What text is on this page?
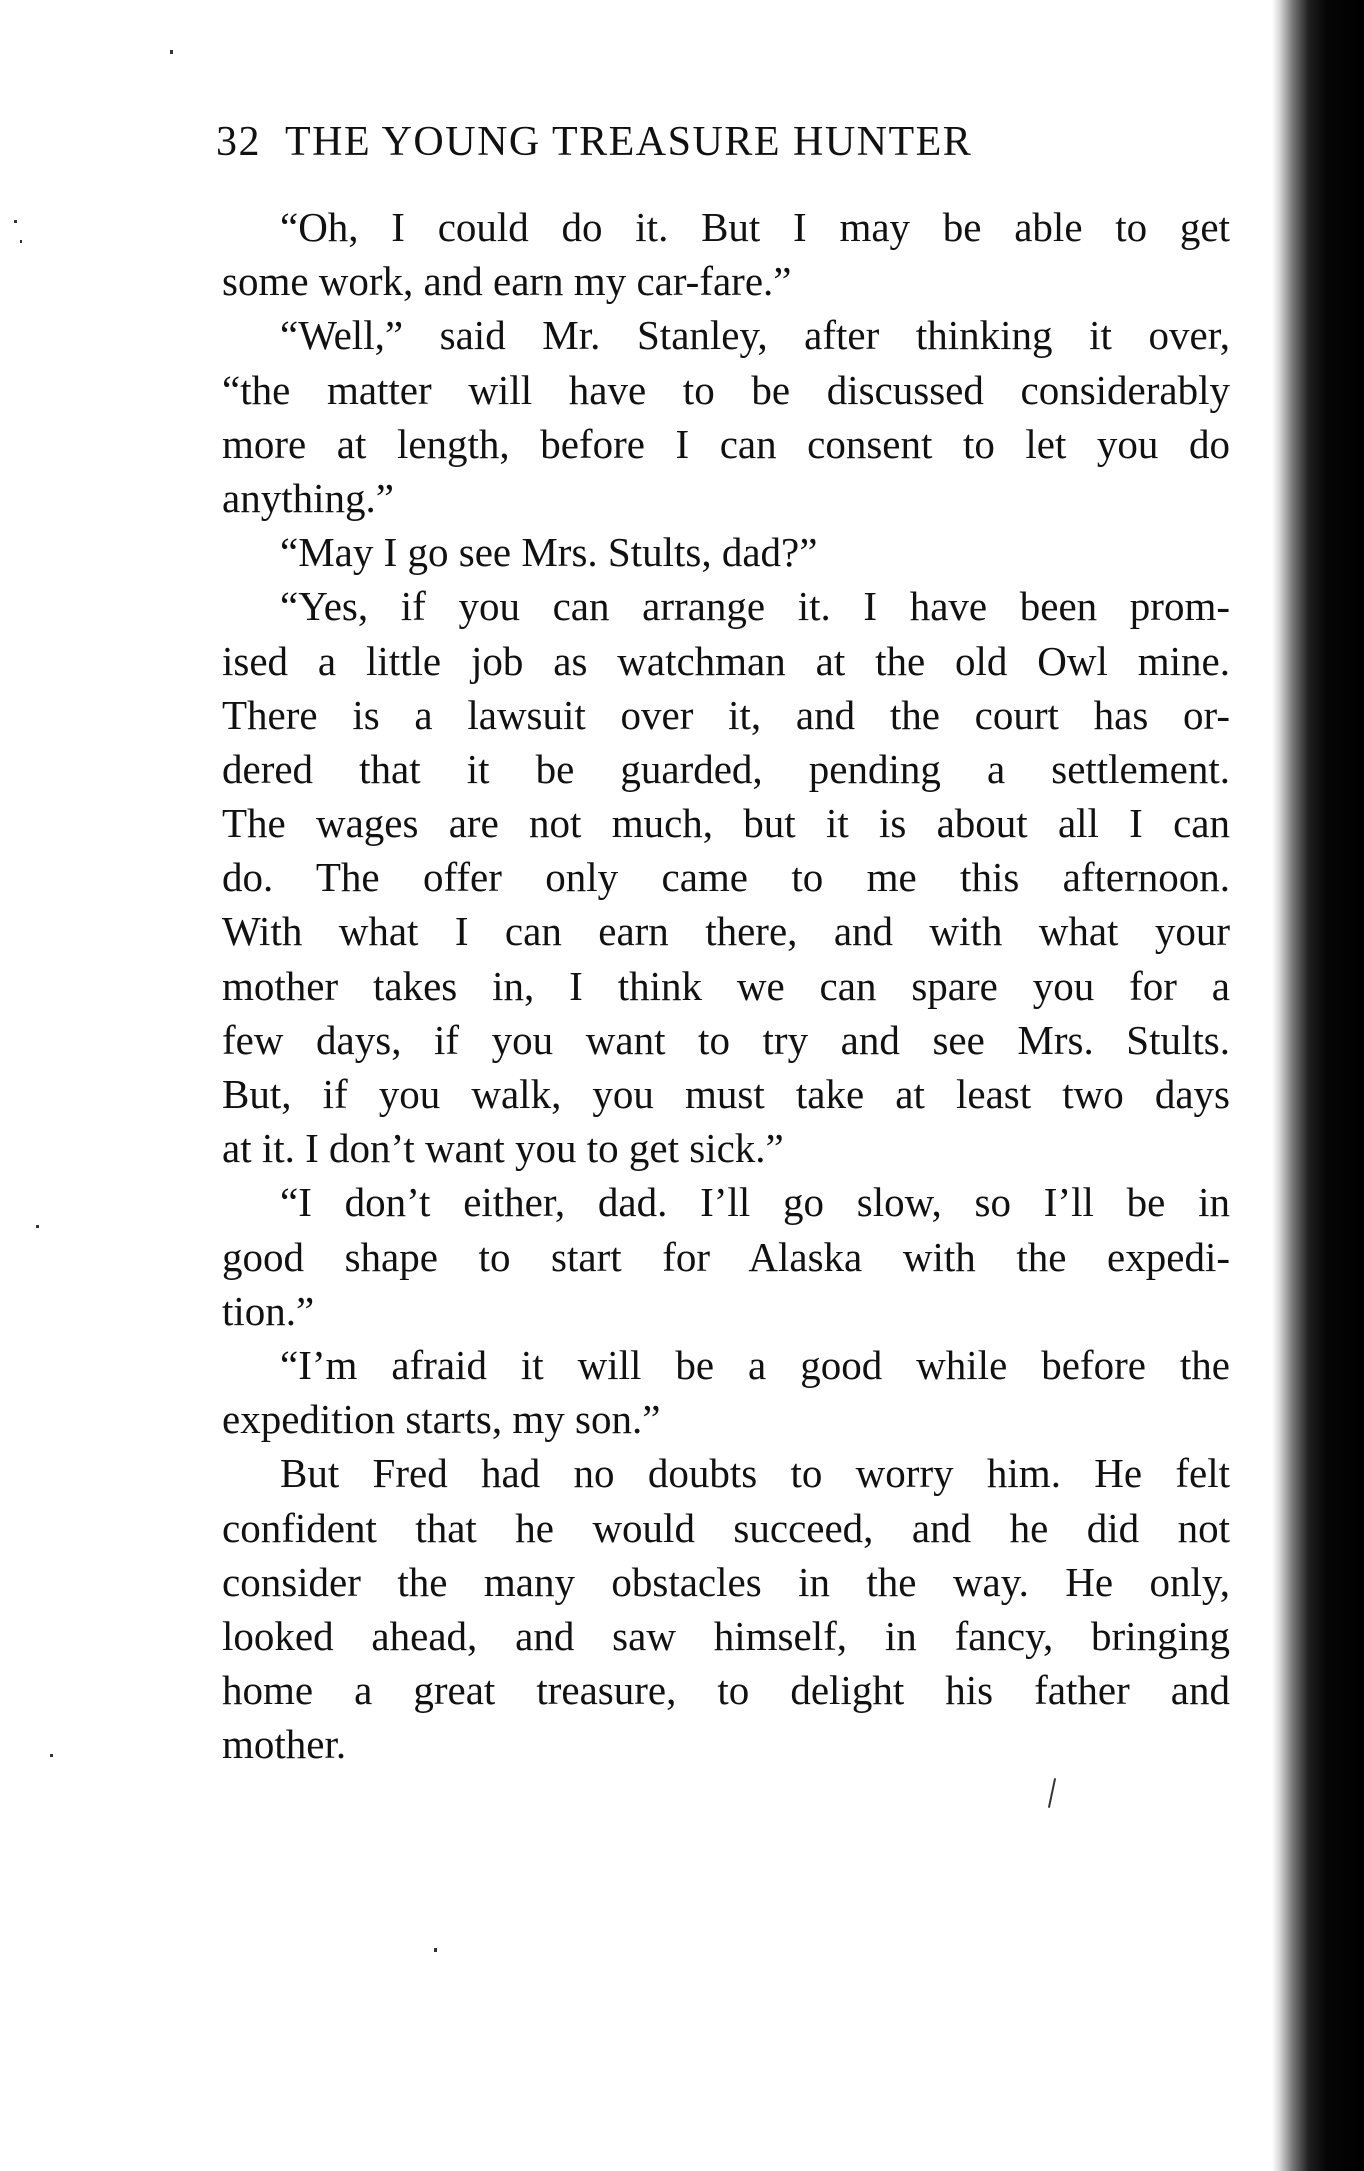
32 THE YOUNG TREASURE HUNTER
“Oh, I could do it. But I may be able to get
some work, and earn my car-fare.”
“Well,” said Mr. Stanley, after thinking it over,
“the matter will have to be discussed considerably
more at length, before I can consent to let you do
anything.”
“May I go see Mrs. Stults, dad?”
“Yes, if you can arrange it. I have been prom-
ised a little job as watchman at the old Owl mine.
There is a lawsuit over it, and the court has or-
dered that it be guarded, pending a settlement.
The wages are not much, but it is about all I can
do. The offer only came to me this afternoon.
With what I can earn there, and with what your
mother takes in, I think we can spare you for a
few days, if you want to try and see Mrs. Stults.
But, if you walk, you must take at least two days
at it. I don’t want you to get sick.”
“I don’t either, dad. I’ll go slow, so I’ll be in
good shape to start for Alaska with the expedi-
tion.”
“I’m afraid it will be a good while before the
expedition starts, my son.”
But Fred had no doubts to worry him. He felt
confident that he would succeed, and he did not
consider the many obstacles in the way. He only,
looked ahead, and saw himself, in fancy, bringing
home a great treasure, to delight his father and
mother.
